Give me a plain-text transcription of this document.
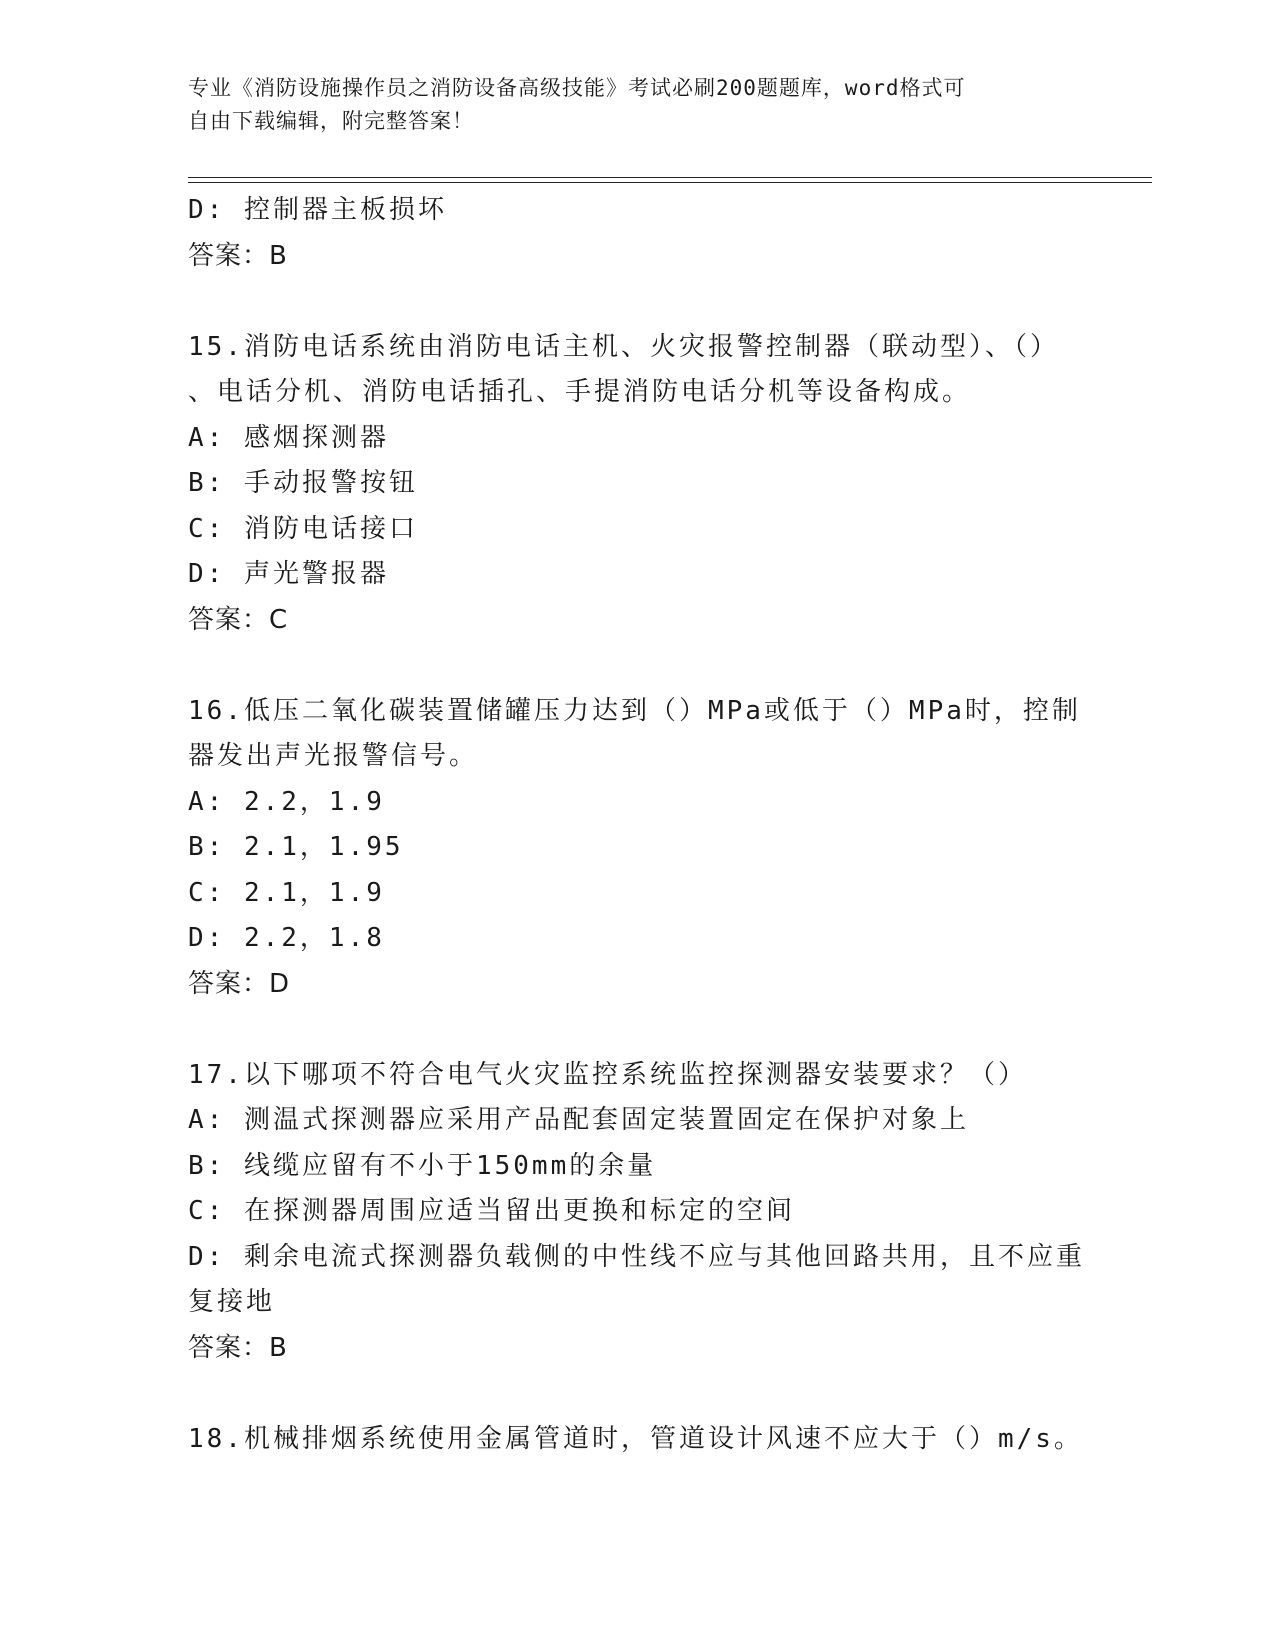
专业《消防设施操作员之消防设备高级技能》考试必刷200题题库，word格式可
自由下载编辑，附完整答案！
D: 控制器主板损坏
答案：B
15.消防电话系统由消防电话主机、火灾报警控制器（联动型）、（）
、电话分机、消防电话插孔、手提消防电话分机等设备构成。
A: 感烟探测器
B: 手动报警按钮
C: 消防电话接口
D: 声光警报器
答案：C
16.低压二氧化碳装置储罐压力达到（）MPa或低于（）MPa时，控制
器发出声光报警信号。
A: 2.2，1.9
B: 2.1，1.95
C: 2.1，1.9
D: 2.2，1.8
答案：D
17.以下哪项不符合电气火灾监控系统监控探测器安装要求？（）
A: 测温式探测器应采用产品配套固定装置固定在保护对象上
B: 线缆应留有不小于150mm的余量
C: 在探测器周围应适当留出更换和标定的空间
D: 剩余电流式探测器负载侧的中性线不应与其他回路共用，且不应重
复接地
答案：B
18.机械排烟系统使用金属管道时，管道设计风速不应大于（）m/s。
